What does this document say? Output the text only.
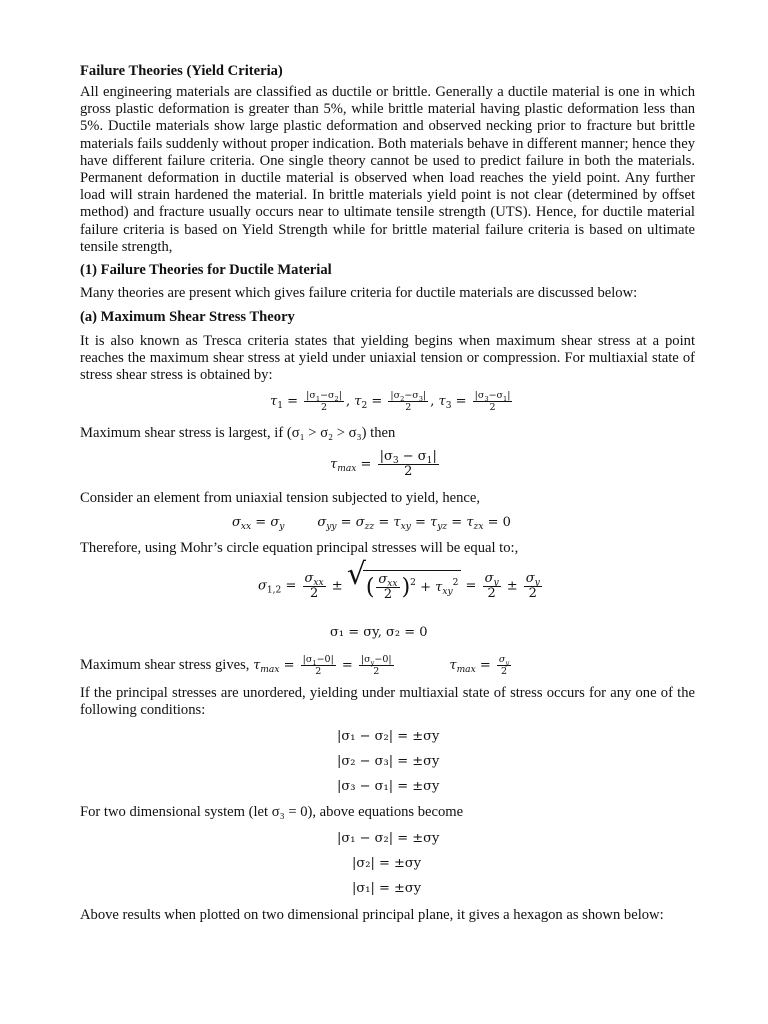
Failure Theories (Yield Criteria)
All engineering materials are classified as ductile or brittle. Generally a ductile material is one in which gross plastic deformation is greater than 5%, while brittle material having plastic deformation less than 5%. Ductile materials show large plastic deformation and observed necking prior to fracture but brittle materials fails suddenly without proper indication. Both materials behave in different manner; hence they have different failure criteria. One single theory cannot be used to predict failure in both the materials. Permanent deformation in ductile material is observed when load reaches the yield point. Any further load will strain hardened the material. In brittle materials yield point is not clear (determined by offset method) and fracture usually occurs near to ultimate tensile strength (UTS). Hence, for ductile material failure criteria is based on Yield Strength while for brittle material failure criteria is based on ultimate tensile strength,
(1) Failure Theories for Ductile Material
Many theories are present which gives failure criteria for ductile materials are discussed below:
(a) Maximum Shear Stress Theory
It is also known as Tresca criteria states that yielding begins when maximum shear stress at a point reaches the maximum shear stress at yield under uniaxial tension or compression. For multiaxial state of stress shear stress is obtained by:
$\tau_1 = \frac{|\sigma_1-\sigma_2|}{2}$ , $\tau_2 = \frac{|\sigma_2-\sigma_3|}{2}$ , $\tau_3 = \frac{|\sigma_3-\sigma_1|}{2}$
Maximum shear stress is largest, if (σ₁ > σ₂ > σ₃) then
$\tau_{max} = \frac{|\sigma_3 - \sigma_1|}{2}$
Consider an element from uniaxial tension subjected to yield, hence,
$\sigma_{xx} = \sigma_y$	$\sigma_{yy} = \sigma_{zz} = \tau_{xy} = \tau_{yz} = \tau_{zx} = 0$
Therefore, using Mohr’s circle equation principal stresses will be equal to:,
$\sigma_{1,2} = \frac{\sigma_{xx}}{2}$ ± √ ( $\frac{\sigma_{xx}}{2} )^2 + \tau_{xy}^2 = \frac{\sigma_y}{2} \pm \frac{\sigma_y}{2}$
σ₁ = σy, σ₂ = 0
Maximum shear stress gives, $\tau_{max} = \frac{|\sigma_1-0|}{2} = \frac{|\sigma_y-0|}{2}$	$\tau_{max} = \frac{\sigma_y}{2}$
If the principal stresses are unordered, yielding under multiaxial state of stress occurs for any one of the following conditions:
|σ₁ − σ₂| = ±σy
|σ₂ − σ₃| = ±σy
|σ₃ − σ₁| = ±σy
For two dimensional system (let σ₃ = 0), above equations become
|σ₁ − σ₂| = ±σy
|σ₂| = ±σy
|σ₁| = ±σy
Above results when plotted on two dimensional principal plane, it gives a hexagon as shown below:
